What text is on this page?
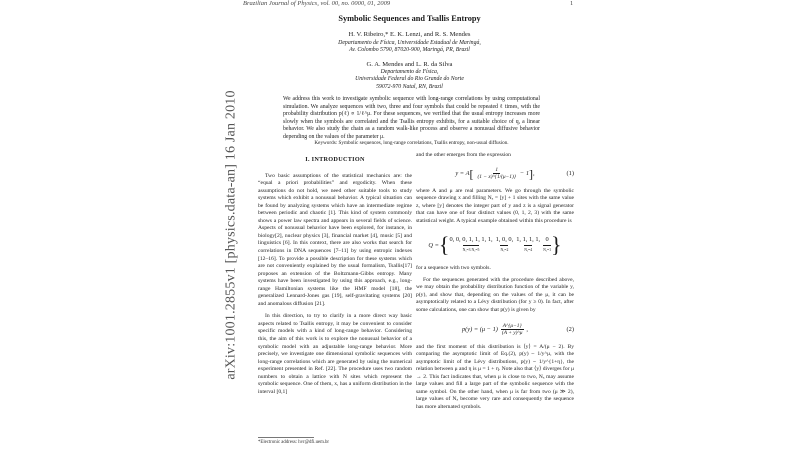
arXiv:1001.2855v1 [physics.data-an] 16 Jan 2010
Brazilian Journal of Physics, vol. 00, no. 0000, 01, 2009	1
Symbolic Sequences and Tsallis Entropy
H. V. Ribeiro,* E. K. Lenzi, and R. S. Mendes
Departamento de Física, Universidade Estadual de Maringá,
Av. Colombo 5790, 87020-900, Maringá, PR, Brazil
G. A. Mendes and L. R. da Silva
Departamento de Física,
Universidade Federal do Rio Grande do Norte
59072-970 Natal, RN, Brazil
We address this work to investigate symbolic sequence with long-range correlations by using computational simulation. We analyze sequences with two, three and four symbols that could be repeated ℓ times, with the probability distribution p(ℓ) ∝ 1/ℓ^μ. For these sequences, we verified that the usual entropy increases more slowly when the symbols are correlated and the Tsallis entropy exhibits, for a suitable choice of q, a linear behavior. We also study the chain as a random walk-like process and observe a nonusual diffusive behavior depending on the values of the parameter μ.
Keywords: Symbolic sequences, long-range correlations, Tsallis entropy, non-usual diffusion.
I. INTRODUCTION

Two basic assumptions of the statistical mechanics are: the “equal a priori probabilities” and ergodicity. When these assumptions do not hold, we need other suitable tools to study systems which exhibit a nonusual behavior. A typical situation can be found by analyzing systems which have an intermediate regime between periodic and chaotic [1]. This kind of system commonly shows a power law spectra and appears in several fields of science. Aspects of nonusual behavior have been explored, for instance, in biology[2], nuclear physics [3], financial market [4], music [5] and linguistics [6]. In this context, there are also works that search for correlations in DNA sequences [7–11] by using entropic indexes [12–16]. To provide a possible description for these systems which are not conveniently explained by the usual formalism, Tsallis[17] proposes an extension of the Boltzmann-Gibbs entropy. Many systems have been investigated by using this approach, e.g., long-range Hamiltonian systems like the HMF model [18], the generalized Lennard-Jones gas [19], self-gravitating systems [20] and anomalous diffusion [21].

In this direction, to try to clarify in a more direct way basic aspects related to Tsallis entropy, it may be convenient to consider specific models with a kind of long-range behavior. Considering this, the aim of this work is to explore the nonusual behavior of a symbolic model with an adjustable long-range behavior. More precisely, we investigate one dimensional symbolic sequences with long-range correlations which are generated by using the numerical experiment presented in Ref. [22]. The procedure uses two random numbers to obtain a lattice with N sites which represent the symbolic sequence. One of them, x, has a uniform distribution in the interval [0,1]

and the other emerges from the expression

y = A [ $\frac{1}{(1 - x)\^{}\{1/(\mu-1)\}} - 1$ ] ,	(1)

where A and μ are real parameters. We go through the symbolic sequence drawing x and filling Nₓ = [y] + 1 sites with the same value z, where [y] denotes the integer part of y and z is a signal generator that can have one of four distinct values (0, 1, 2, 3) with the same statistical weight. A typical example obtained within this procedure is

Q = { 0, 0, 0, 1, 1, 1, 1,
Nₓ=3 Nₓ=5
1, 0, 0,
Nₓ=2
1, 1, 1, 1,
Nₓ=4
0
Nₓ=1 }

for a sequence with two symbols.

For the sequences generated with the procedure described above, we may obtain the probability distribution function of the variable y, p(y), and show that, depending on the values of the μ, it can be asymptotically related to a Lévy distribution (for y ≥ 0). In fact, after some calculations, one can show that p(y) is given by

$p(y) = (\mu - 1) \frac{A\^{}\{\mu-1\}}{(A + y)\^{}\mu}$ ,	(2)

and the first moment of this distribution is ⟨y⟩ = A/(μ − 2). By comparing the asymptotic limit of Eq.(2), p(y) ~ 1/y^μ, with the asymptotic limit of the Lévy distributions, p(y) ~ 1/y^{1+η}, the relation between μ and η is μ = 1 + η. Note also that ⟨y⟩ diverges for μ → 2. This fact indicates that, when μ is close to two, Nₓ may assume large values and fill a large part of the symbolic sequence with the same symbol. On the other hand, when μ is far from two (μ ≫ 2), large values of Nₓ become very rare and consequently the sequence has more alternated symbols.

*Electronic address: hvr@dfi.uem.br
